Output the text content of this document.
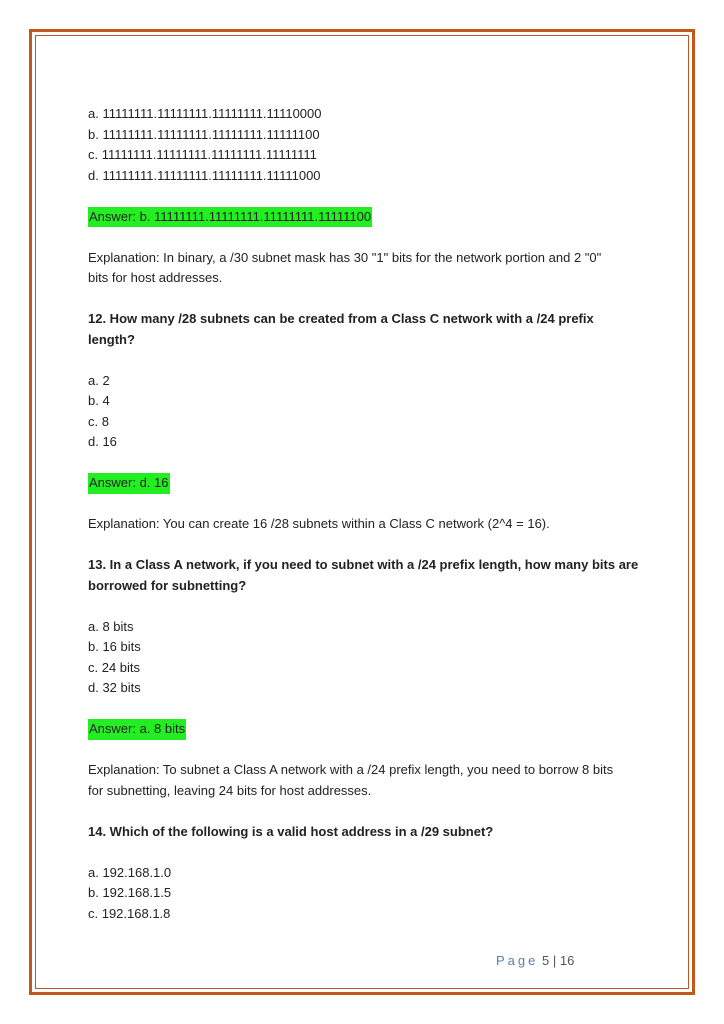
a. 11111111.11111111.11111111.11110000
b. 11111111.11111111.11111111.11111100
c. 11111111.11111111.11111111.11111111
d. 11111111.11111111.11111111.11111000
Answer: b. 11111111.11111111.11111111.11111100
Explanation: In binary, a /30 subnet mask has 30 "1" bits for the network portion and 2 "0"
bits for host addresses.
12. How many /28 subnets can be created from a Class C network with a /24 prefix
length?
a. 2
b. 4
c. 8
d. 16
Answer: d. 16
Explanation: You can create 16 /28 subnets within a Class C network (2^4 = 16).
13. In a Class A network, if you need to subnet with a /24 prefix length, how many bits are
borrowed for subnetting?
a. 8 bits
b. 16 bits
c. 24 bits
d. 32 bits
Answer: a. 8 bits
Explanation: To subnet a Class A network with a /24 prefix length, you need to borrow 8 bits
for subnetting, leaving 24 bits for host addresses.
14. Which of the following is a valid host address in a /29 subnet?
a. 192.168.1.0
b. 192.168.1.5
c. 192.168.1.8
Page 5 | 16
